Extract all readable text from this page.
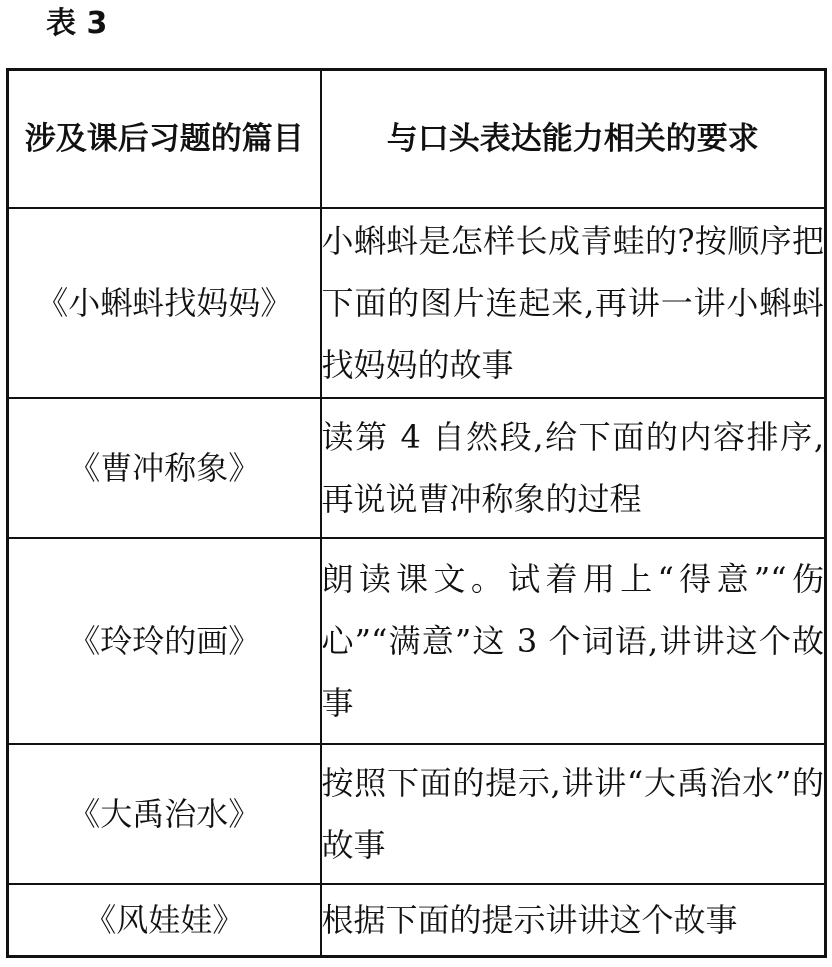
表 3
涉及课后习题的篇目	与口头表达能力相关的要求
《小蝌蚪找妈妈》	小蝌蚪是怎样长成青蛙的?按顺序把下面的图片连起来,再讲一讲小蝌蚪找妈妈的故事
《曹冲称象》	读第 4 自然段,给下面的内容排序,再说说曹冲称象的过程
《玲玲的画》	朗读课文。试着用上“得意”“伤心”“满意”这 3 个词语,讲讲这个故事
《大禹治水》	按照下面的提示,讲讲“大禹治水”的故事
《风娃娃》	根据下面的提示讲讲这个故事
